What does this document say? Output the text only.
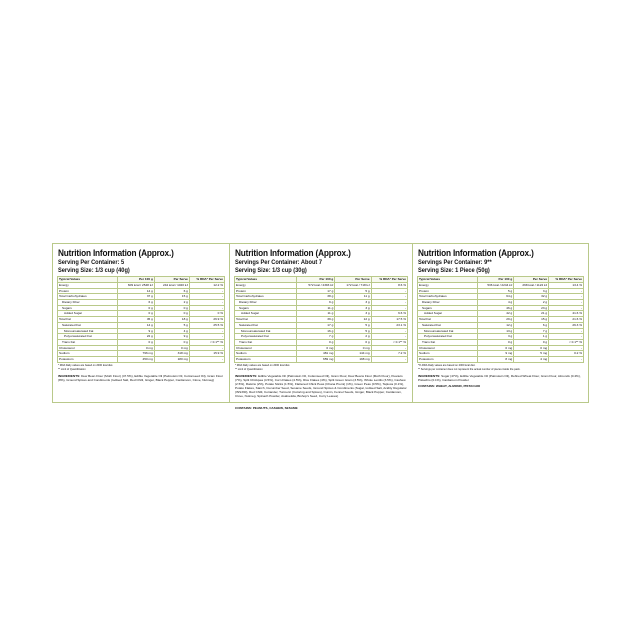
Nutrition Information (Approx.)
Serving Per Container: 5
Serving Size: 1/3 cup (40g)
Typical Values	Per 100 g	Per Serve	% RDA* Per Serve
Energy	609 kcal / 2548 kJ	244 kcal / 1020 kJ	12.2 %
Protein	14 g	6 g	-
Total Carbohydrates	37 g	15 g	-
Dietary Fiber	6 g	2 g	-
Sugars	0 g	0 g	-
Added Sugar	0 g	0 g	0 %
Total Fat	45 g	18 g	26.9 %
Saturated Fat	14 g	5 g	25.5 %
Monounsaturated Fat	9 g	4 g	-
Polyunsaturated Fat	22 g	9 g	-
Trans Fat	0 g	0 g	< 0.1** %
Cholesterol	0 mg	0 mg	-
Sodium	796 mg	318 mg	15.9 %
Potassium	450 mg	180 mg	-
* RDA Daily values are based on 2000 kcal diet.
** Limit of Quantification
INGREDIENTS: Dew Bean Flour (Moth Flour) (47.5%), Edible Vegetable Oil (Palmolein Oil, Cottonseed Oil), Gram Flour (8%), Ground Spices and Condiments (Iodised Salt, Red Chilli, Ginger, Black Pepper, Cardamom, Clove, Nutmeg)
Nutrition Information (Approx.)
Servings Per Container: About 7
Serving Size: 1/3 cup (30g)
Typical Values	Per 100 g	Per Serve	% RDA* Per Serve
Energy	572 kcal / 2393 kJ	172 kcal / 718 kJ	8.6 %
Protein	17 g	5 g	-
Total Carbohydrates	38 g	11 g	-
Dietary Fiber	9 g	3 g	-
Sugars	11 g	3 g	-
Added Sugar	11 g	3 g	6.6 %
Total Fat	39 g	12 g	17.5 %
Saturated Fat	17 g	5 g	23.1 %
Monounsaturated Fat	16 g	5 g	-
Polyunsaturated Fat	7 g	2 g	-
Trans Fat	0 g	0 g	< 0.1** %
Cholesterol	0 mg	0 mg	-
Sodium	481 mg	144 mg	7.2 %
Potassium	659 mg	198 mg	-
* RDA Daily values are based on 2000 kcal diet.
** Limit of Quantification
INGREDIENTS: Edible Vegetable Oil (Palmolein Oil, Cottonseed Oil), Gram Flour, Dew Beans Flour (Moth Flour), Peanuts (7%), Split Chickpea (4.5%), Corn Flakes (4.5%), Rice Flakes (4%), Split Green Gram (3.5%), Whole Lentils (3.5%), Cashew (2.5%), Raisins (2%), Potato Sticks (1.5%), Flattened Chick Peas (Chana Premi) (1%), Green Peas (0.5%), Tapioca (0.1%), Potato Flakes, Starch, Cucumber Seed, Sesame Seeds, Ground Spices & Condiments (Sugar, Iodised Salt, Acidity Regulator (INS330), Red Chilli, Coriander, Turmeric (Coloring and Spices), Cumin, Fennel Seeds, Ginger, Black Pepper, Cardamom, Clove, Nutmeg, Spinach Powder, Asafoetida, Bishop's Seed, Curry Leaves)
CONTAINS: PEANUTS, CASHEW, SESAME
Nutrition Information (Approx.)
Servings Per Container: 9**
Serving Size: 1 Piece (50g)
Typical Values	Per 100 g	Per Serve	% RDA* Per Serve
Energy	536 kcal / 2244 kJ	268 kcal / 1122 kJ	13.4 %
Protein	5 g	3 g	-
Total Carbohydrates	64 g	32 g	-
Dietary Fiber	4 g	2 g	-
Sugars	46 g	23 g	-
Added Sugar	42 g	21 g	41.6 %
Total Fat	29 g	15 g	21.6 %
Saturated Fat	12 g	6 g	26.3 %
Monounsaturated Fat	13 g	7 g	-
Polyunsaturated Fat	3 g	1 g	-
Trans Fat	0 g	0 g	< 0.1** %
Cholesterol	0 mg	0 mg	-
Sodium	9 mg	5 mg	0.2 %
Potassium	8 mg	4 mg	-
*% RDA Daily values are based on 2000 kcal diet.
** Servings per container does not represent the actual number of pieces inside the pack.
INGREDIENTS: Sugar (47%), Edible Vegetable Oil (Palmolein Oil), Refined Wheat Flour, Gram Flour, Almonds (0.4%), Pistachio (0.1%), Cardamom Powder
CONTAINS: WHEAT, ALMOND, PISTACHIO
